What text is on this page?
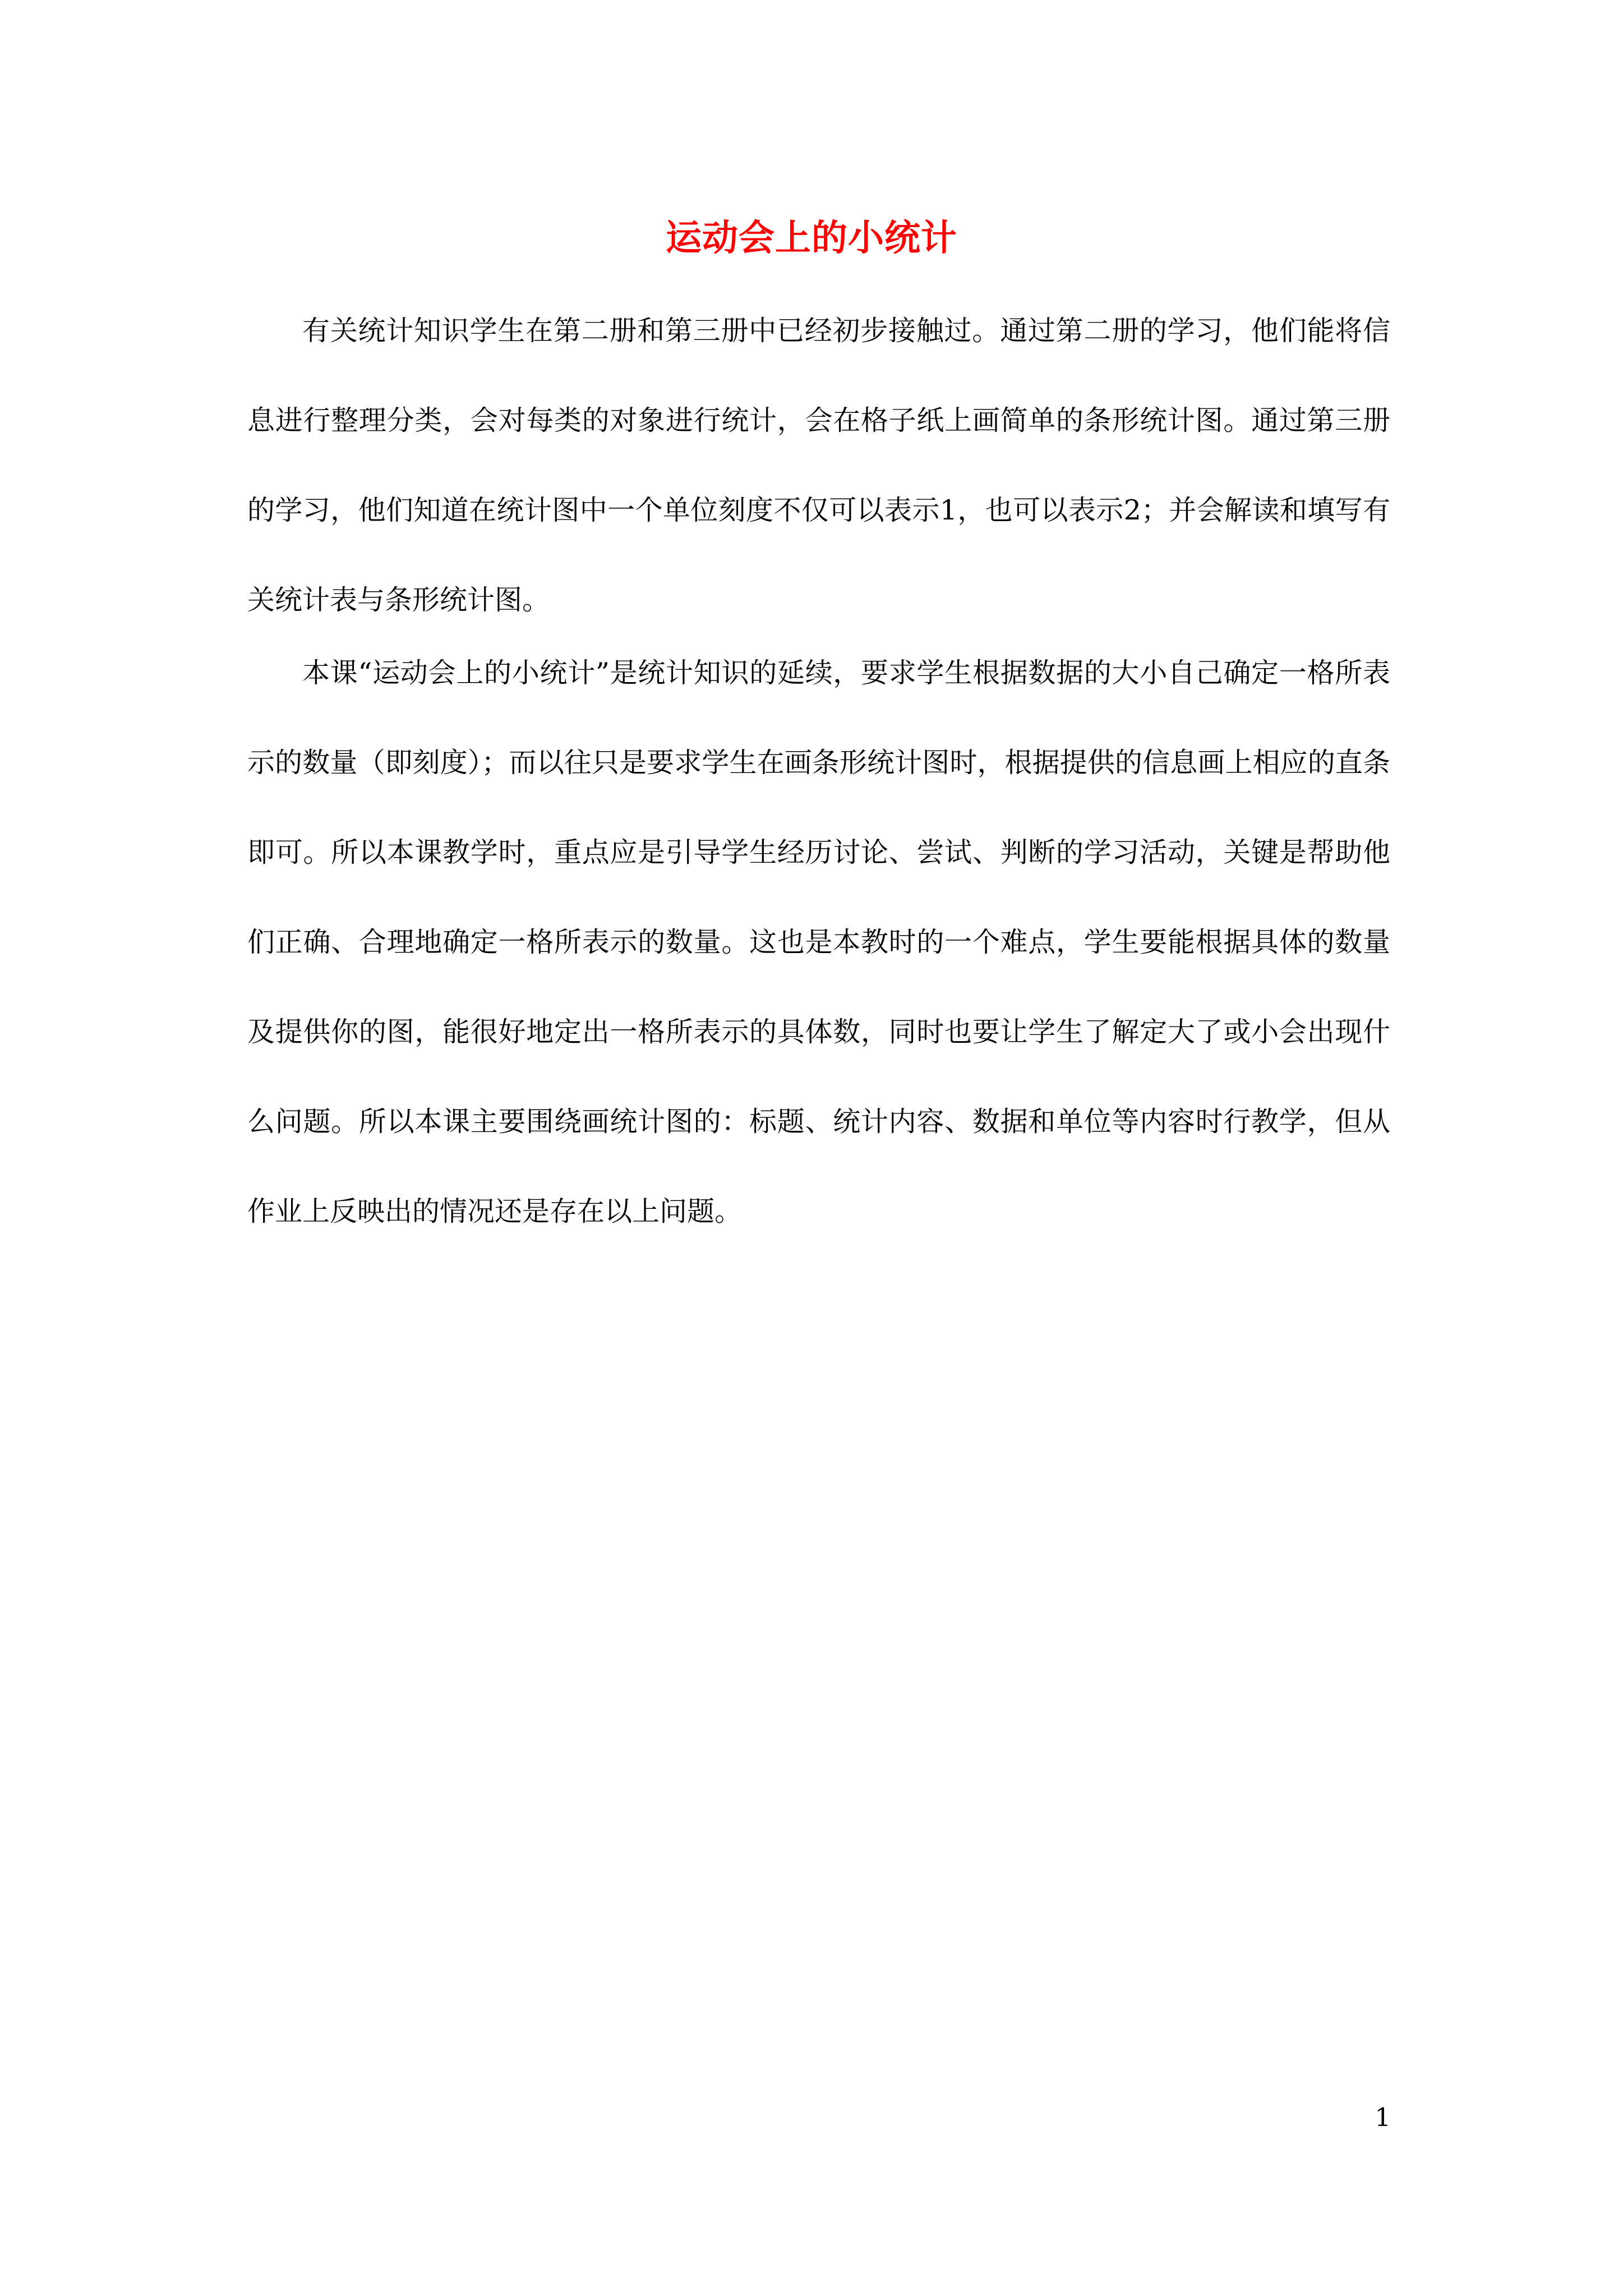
运动会上的小统计

有关统计知识学生在第二册和第三册中已经初步接触过。通过第二册的学习，他们能将信息进行整理分类，会对每类的对象进行统计，会在格子纸上画简单的条形统计图。通过第三册的学习，他们知道在统计图中一个单位刻度不仅可以表示1，也可以表示2；并会解读和填写有关统计表与条形统计图。

本课“运动会上的小统计”是统计知识的延续，要求学生根据数据的大小自己确定一格所表示的数量（即刻度）；而以往只是要求学生在画条形统计图时，根据提供的信息画上相应的直条即可。所以本课教学时，重点应是引导学生经历讨论、尝试、判断的学习活动，关键是帮助他们正确、合理地确定一格所表示的数量。这也是本教时的一个难点，学生要能根据具体的数量及提供你的图，能很好地定出一格所表示的具体数，同时也要让学生了解定大了或小会出现什么问题。所以本课主要围绕画统计图的：标题、统计内容、数据和单位等内容时行教学，但从作业上反映出的情况还是存在以上问题。

1
